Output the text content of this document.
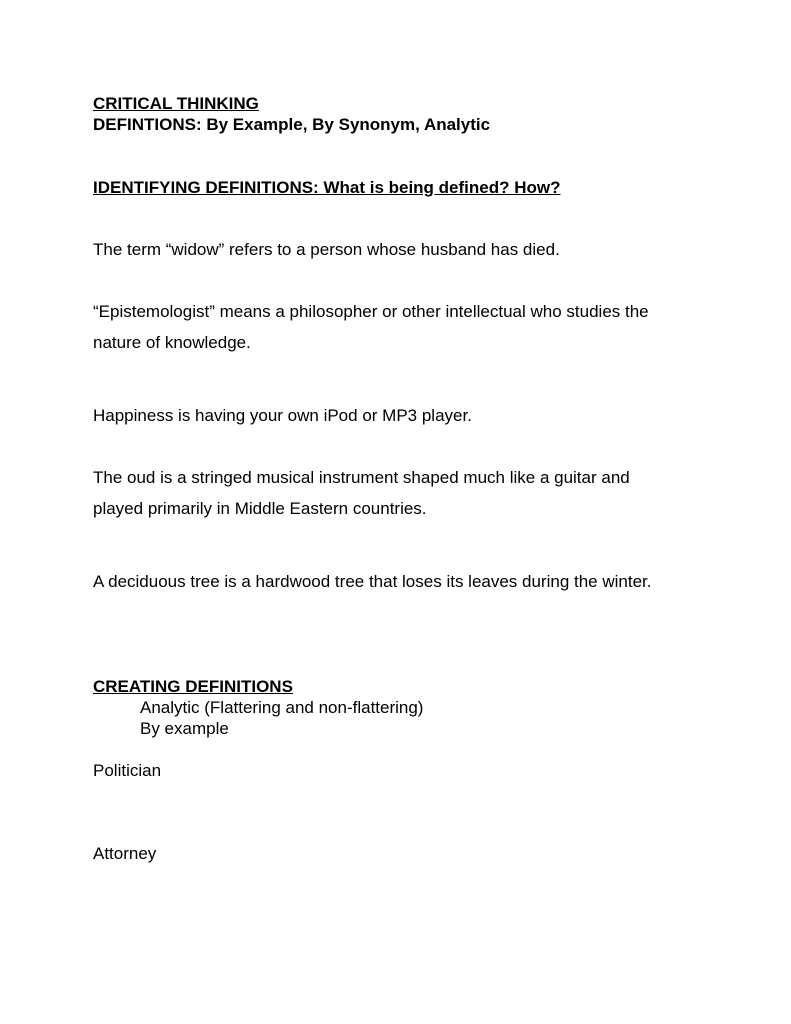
CRITICAL THINKING
DEFINTIONS: By Example, By Synonym, Analytic
IDENTIFYING DEFINITIONS: What is being defined? How?
The term “widow” refers to a person whose husband has died.
“Epistemologist” means a philosopher or other intellectual who studies the
nature of knowledge.
Happiness is having your own iPod or MP3 player.
The oud is a stringed musical instrument shaped much like a guitar and
played primarily in Middle Eastern countries.
A deciduous tree is a hardwood tree that loses its leaves during the winter.
CREATING DEFINITIONS
Analytic (Flattering and non-flattering)
By example
Politician
Attorney
